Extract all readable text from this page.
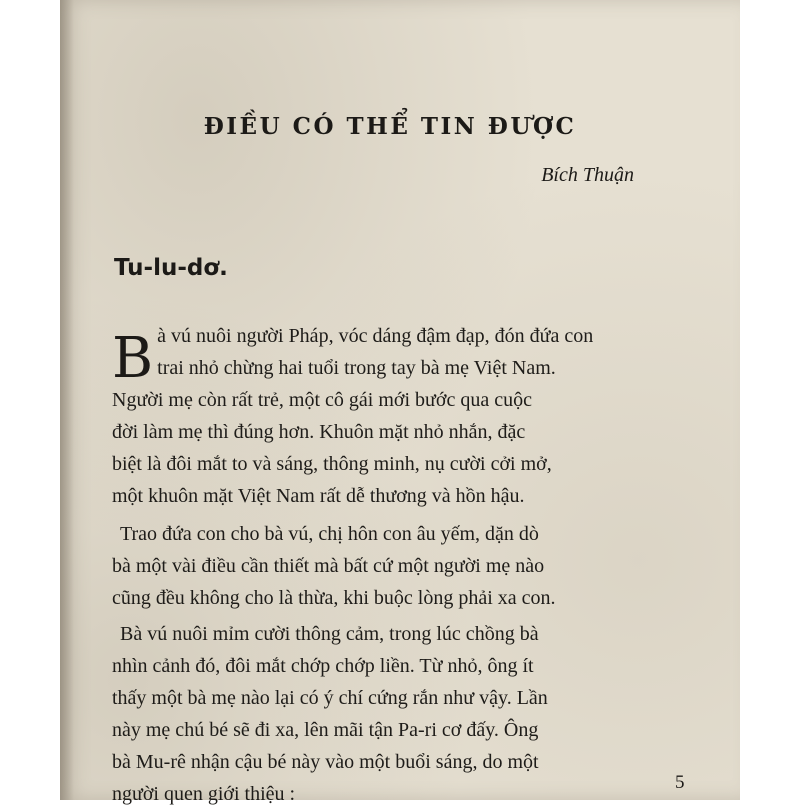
ĐIỀU CÓ THỂ TIN ĐƯỢC
Bích Thuận
Tu-lu-dơ.

B à vú nuôi người Pháp, vóc dáng đậm đạp, đón đứa con
trai nhỏ chừng hai tuổi trong tay bà mẹ Việt Nam.
Người mẹ còn rất trẻ, một cô gái mới bước qua cuộc
đời làm mẹ thì đúng hơn. Khuôn mặt nhỏ nhắn, đặc
biệt là đôi mắt to và sáng, thông minh, nụ cười cởi mở,
một khuôn mặt Việt Nam rất dễ thương và hồn hậu.

Trao đứa con cho bà vú, chị hôn con âu yếm, dặn dò
bà một vài điều cần thiết mà bất cứ một người mẹ nào
cũng đều không cho là thừa, khi buộc lòng phải xa con.

Bà vú nuôi mỉm cười thông cảm, trong lúc chồng bà
nhìn cảnh đó, đôi mắt chớp chớp liền. Từ nhỏ, ông ít
thấy một bà mẹ nào lại có ý chí cứng rắn như vậy. Lần
này mẹ chú bé sẽ đi xa, lên mãi tận Pa-ri cơ đấy. Ông
bà Mu-rê nhận cậu bé này vào một buổi sáng, do một
người quen giới thiệu :

5
